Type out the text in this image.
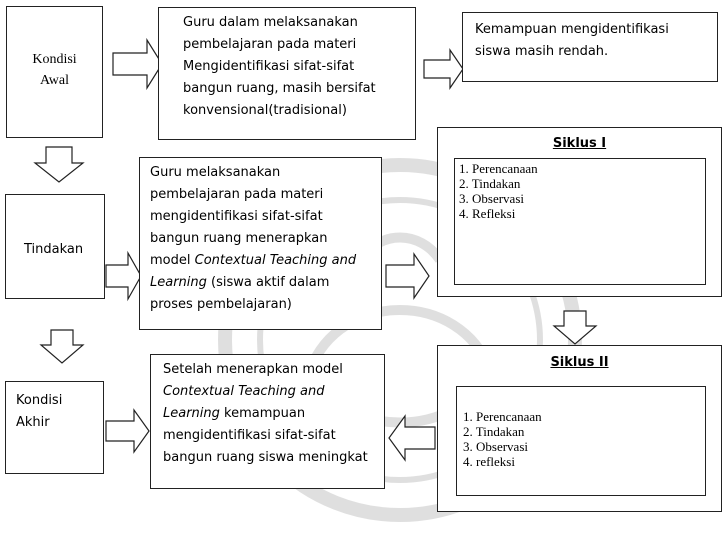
Kondisi
Awal
Guru dalam melaksanakan
pembelajaran pada materi
Mengidentifikasi sifat-sifat
bangun ruang, masih bersifat
konvensional(tradisional)
Kemampuan mengidentifikasi
siswa masih rendah.
Tindakan
Guru melaksanakan
pembelajaran pada materi
mengidentifikasi sifat-sifat
bangun ruang menerapkan
model Contextual Teaching and
Learning (siswa aktif dalam
proses pembelajaran)
Siklus I
1. Perencanaan
2. Tindakan
3. Observasi
4. Refleksi
Kondisi
Akhir
Setelah menerapkan model
Contextual Teaching and
Learning kemampuan
mengidentifikasi sifat-sifat
bangun ruang siswa meningkat
Siklus II
1. Perencanaan
2. Tindakan
3. Observasi
4. refleksi
